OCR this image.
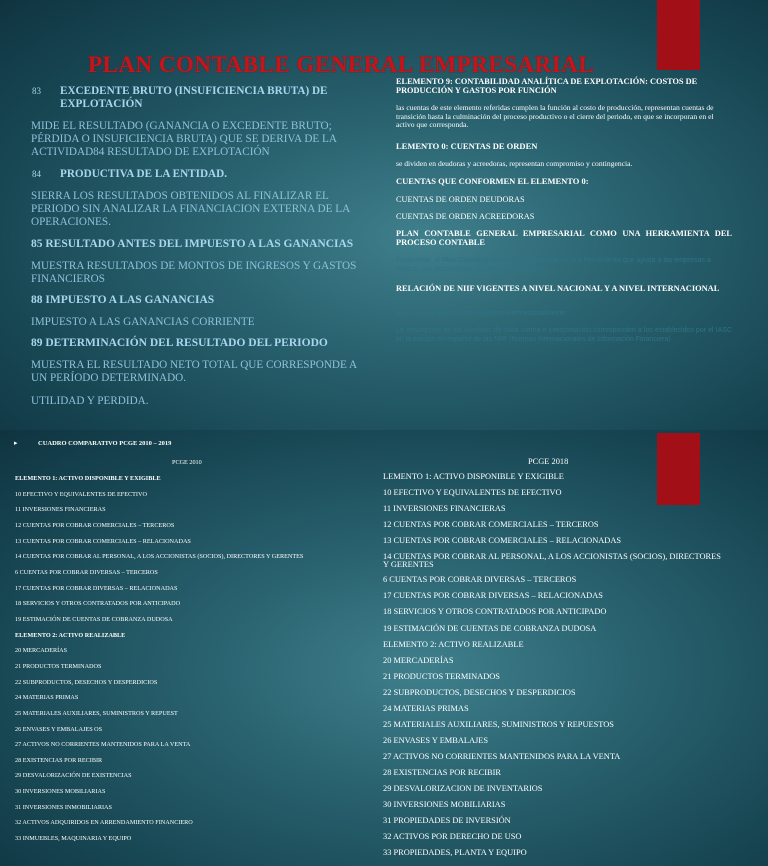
PLAN CONTABLE GENERAL EMPRESARIAL
83 EXCEDENTE BRUTO (INSUFICIENCIA BRUTA) DE EXPLOTACIÓN
MIDE EL RESULTADO (GANANCIA O EXCEDENTE BRUTO; PÉRDIDA O INSUFICIENCIA BRUTA) QUE SE DERIVA DE LA ACTIVIDAD84 RESULTADO DE EXPLOTACIÓN
84 PRODUCTIVA DE LA ENTIDAD.
SIERRA LOS RESULTADOS OBTENIDOS AL FINALIZAR EL PERIODO SIN ANALIZAR LA FINANCIACION EXTERNA DE LA OPERACIONES.
85 RESULTADO ANTES DEL IMPUESTO A LAS GANANCIAS
MUESTRA RESULTADOS DE MONTOS DE INGRESOS Y GASTOS FINANCIEROS
88 IMPUESTO A LAS GANANCIAS
IMPUESTO A LAS GANANCIAS CORRIENTE
89 DETERMINACIÓN DEL RESULTADO DEL PERIODO
MUESTRA EL RESULTADO NETO TOTAL QUE CORRESPONDE A UN PERÍODO DETERMINADO.
UTILIDAD Y PERDIDA.
ELEMENTO 9: CONTABILIDAD ANALÍTICA DE EXPLOTACIÓN: COSTOS DE PRODUCCIÓN Y GASTOS POR FUNCIÓN
las cuentas de este elemento referidas cumplen la función al costo de producción, representan cuentas de transición hasta la culminación del proceso productivo o el cierre del periodo, en que se incorporan en el activo que corresponda.
LEMENTO 0: CUENTAS DE ORDEN
se dividen en deudoras y acreedoras, representan compromiso y contingencia.
CUENTAS QUE CONFORMEN EL ELEMENTO 0:
CUENTAS DE ORDEN DEUDORAS
CUENTAS DE ORDEN ACREEDORAS
PLAN CONTABLE GENERAL EMPRESARIAL COMO UNA HERRAMIENTA DEL PROCESO CONTABLE
Finalmente, el Plan Contable General Empresarial es una herramienta que ayuda a las empresas a realizar una fiscalización tributaria más eficiente.
RELACIÓN DE NIIF VIGENTES A NIVEL NACIONAL Y A NIVEL INTERNACIONAL
Aquí se muestran normas vigentes internacionalmente.
La descripción de los nombres de cada norma e interpretación corresponden a los establecidos por el IASC en la edición en español de las NIIF (Normas Internacionales de Información Financiera)
▸	CUADRO COMPARATIVO PCGE 2010 – 2019
PCGE 2010	PCGE 2018
ELEMENTO 1: ACTIVO DISPONIBLE Y EXIGIBLE
10 EFECTIVO Y EQUIVALENTES DE EFECTIVO
11 INVERSIONES FINANCIERAS
12 CUENTAS POR COBRAR COMERCIALES – TERCEROS
13 CUENTAS POR COBRAR COMERCIALES – RELACIONADAS
14 CUENTAS POR COBRAR AL PERSONAL, A LOS ACCIONISTAS (SOCIOS), DIRECTORES Y GERENTES
6 CUENTAS POR COBRAR DIVERSAS – TERCEROS
17 CUENTAS POR COBRAR DIVERSAS – RELACIONADAS
18 SERVICIOS Y OTROS CONTRATADOS POR ANTICIPADO
19 ESTIMACIÓN DE CUENTAS DE COBRANZA DUDOSA
ELEMENTO 2: ACTIVO REALIZABLE
20 MERCADERÍAS
21 PRODUCTOS TERMINADOS
22 SUBPRODUCTOS, DESECHOS Y DESPERDICIOS
24 MATERIAS PRIMAS
25 MATERIALES AUXILIARES, SUMINISTROS Y REPUEST
26 ENVASES Y EMBALAJES OS
27 ACTIVOS NO CORRIENTES MANTENIDOS PARA LA VENTA
28 EXISTENCIAS POR RECIBIR
29 DESVALORIZACIÓN DE EXISTENCIAS
30 INVERSIONES MOBILIARIAS
31 INVERSIONES INMOBILIARIAS
32 ACTIVOS ADQUIRIDOS EN ARRENDAMIENTO FINANCIERO
33 INMUEBLES, MAQUINARIA Y EQUIPO
LEMENTO 1: ACTIVO DISPONIBLE Y EXIGIBLE
10 EFECTIVO Y EQUIVALENTES DE EFECTIVO
11 INVERSIONES FINANCIERAS
12 CUENTAS POR COBRAR COMERCIALES – TERCEROS
13 CUENTAS POR COBRAR COMERCIALES – RELACIONADAS
14 CUENTAS POR COBRAR AL PERSONAL, A LOS ACCIONISTAS (SOCIOS), DIRECTORES Y GERENTES
6 CUENTAS POR COBRAR DIVERSAS – TERCEROS
17 CUENTAS POR COBRAR DIVERSAS – RELACIONADAS
18 SERVICIOS Y OTROS CONTRATADOS POR ANTICIPADO
19 ESTIMACIÓN DE CUENTAS DE COBRANZA DUDOSA
ELEMENTO 2: ACTIVO REALIZABLE
20 MERCADERÍAS
21 PRODUCTOS TERMINADOS
22 SUBPRODUCTOS, DESECHOS Y DESPERDICIOS
24 MATERIAS PRIMAS
25 MATERIALES AUXILIARES, SUMINISTROS Y REPUESTOS
26 ENVASES Y EMBALAJES
27 ACTIVOS NO CORRIENTES MANTENIDOS PARA LA VENTA
28 EXISTENCIAS POR RECIBIR
29 DESVALORIZACION DE INVENTARIOS
30 INVERSIONES MOBILIARIAS
31 PROPIEDADES DE INVERSIÓN
32 ACTIVOS POR DERECHO DE USO
33 PROPIEDADES, PLANTA Y EQUIPO
